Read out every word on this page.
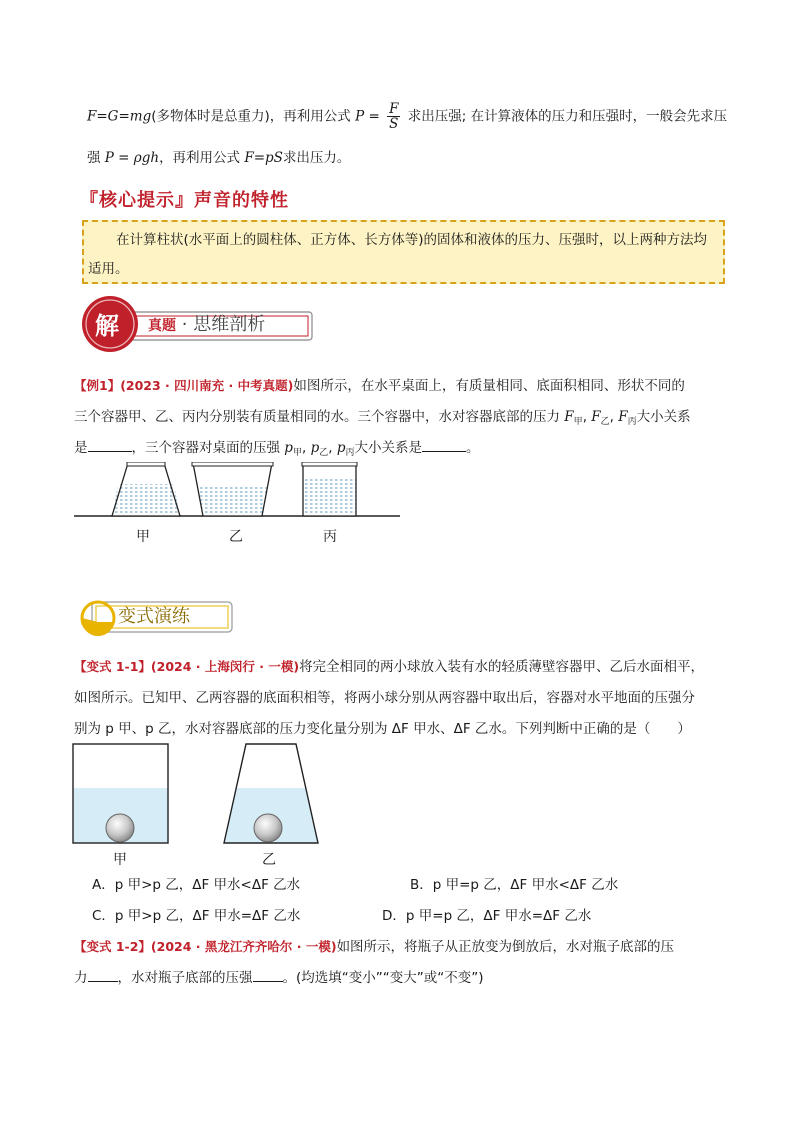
F=G=mg(多物体时是总重力)，再利用公式 $P = \frac{F}{S}$ 求出压强; 在计算液体的压力和压强时，一般会先求压
强 P = ρgh，再利用公式 F=pS求出压力。
『核心提示』声音的特性
在计算柱状(水平面上的圆柱体、正方体、长方体等)的固体和液体的压力、压强时，以上两种方法均
适用。
解 真题 · 思维剖析
【例1】(2023 · 四川南充 · 中考真题)如图所示，在水平桌面上，有质量相同、底面积相同、形状不同的
三个容器甲、乙、丙内分别装有质量相同的水。三个容器中，水对容器底部的压力 $F_甲$, $F_乙$, $F_丙$大小关系
是	，三个容器对桌面的压强 $p_甲$, $p_乙$, $p_丙$大小关系是	。
甲	乙	丙
变式演练
【变式 1-1】(2024 · 上海闵行 · 一模)将完全相同的两小球放入装有水的轻质薄壁容器甲、乙后水面相平，
如图所示。已知甲、乙两容器的底面积相等，将两小球分别从两容器中取出后，容器对水平地面的压强分
别为 p 甲、p 乙，水对容器底部的压力变化量分别为 ΔF 甲水、ΔF 乙水。下列判断中正确的是（　　）
甲	乙
A．p 甲>p 乙，ΔF 甲水<ΔF 乙水	B．p 甲=p 乙，ΔF 甲水<ΔF 乙水
C．p 甲>p 乙，ΔF 甲水=ΔF 乙水	D．p 甲=p 乙，ΔF 甲水=ΔF 乙水
【变式 1-2】(2024 · 黑龙江齐齐哈尔 · 一模)如图所示，将瓶子从正放变为倒放后，水对瓶子底部的压
力 ，水对瓶子底部的压强 。(均选填“变小”“变大”或“不变”)
